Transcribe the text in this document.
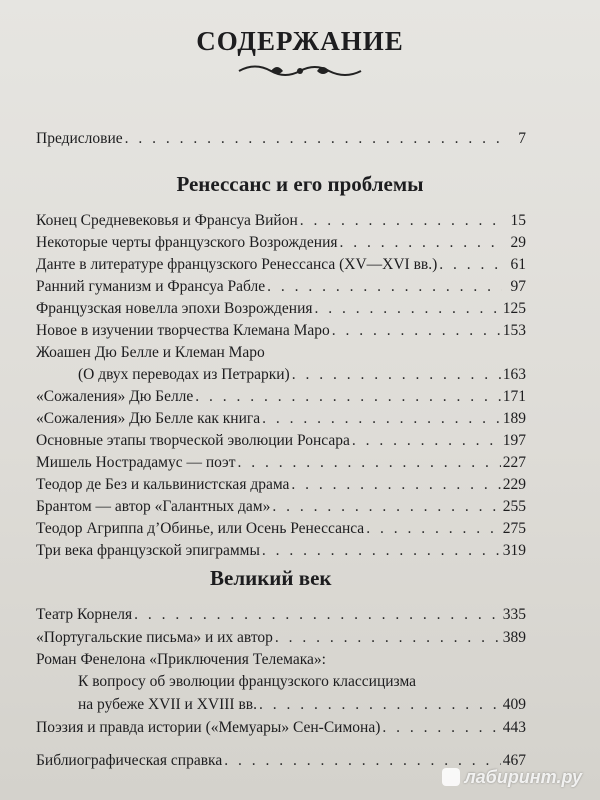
СОДЕРЖАНИЕ
Предисловие . . .	7
Ренессанс и его проблемы
Конец Средневековья и Франсуа Вийон . . .	15
Некоторые черты французского Возрождения . . .	29
Данте в литературе французского Ренессанса (XV—XVI вв.) . . .	61
Ранний гуманизм и Франсуа Рабле . . .	97
Французская новелла эпохи Возрождения . . .	125
Новое в изучении творчества Клемана Маро . . .	153
Жоашен Дю Белле и Клеман Маро
(О двух переводах из Петрарки) . . .	163
«Сожаления» Дю Белле . . .	171
«Сожаления» Дю Белле как книга . . .	189
Основные этапы творческой эволюции Ронсара . . .	197
Мишель Нострадамус — поэт . . .	227
Теодор де Без и кальвинистская драма . . .	229
Брантом — автор «Галантных дам» . . .	255
Теодор Агриппа д’Обинье, или Осень Ренессанса . . .	275
Три века французской эпиграммы . . .	319
Великий век
Театр Корнеля . . .	335
«Португальские письма» и их автор . . .	389
Роман Фенелона «Приключения Телемака»:
К вопросу об эволюции французского классицизма
на рубеже XVII и XVIII вв. . . .	409
Поэзия и правда истории («Мемуары» Сен-Симона) . . .	443
Библиографическая справка . . .	467
лабиринт.ру
